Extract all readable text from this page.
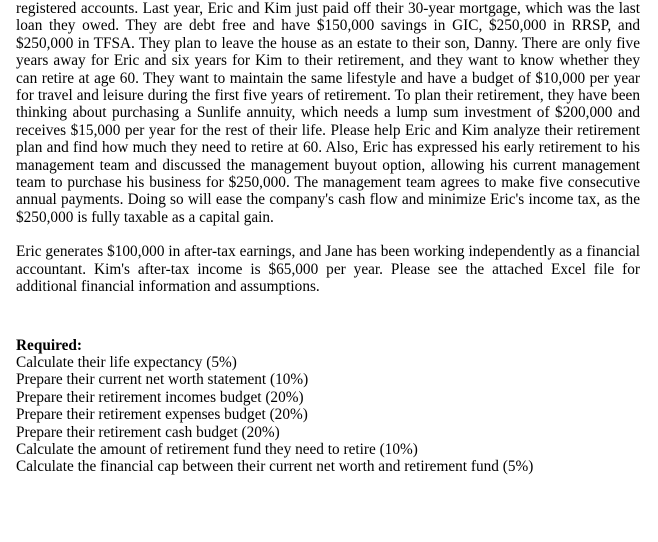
registered accounts. Last year, Eric and Kim just paid off their 30-year mortgage, which was the last loan they owed. They are debt free and have $150,000 savings in GIC, $250,000 in RRSP, and $250,000 in TFSA. They plan to leave the house as an estate to their son, Danny. There are only five years away for Eric and six years for Kim to their retirement, and they want to know whether they can retire at age 60. They want to maintain the same lifestyle and have a budget of $10,000 per year for travel and leisure during the first five years of retirement. To plan their retirement, they have been thinking about purchasing a Sunlife annuity, which needs a lump sum investment of $200,000 and receives $15,000 per year for the rest of their life. Please help Eric and Kim analyze their retirement plan and find how much they need to retire at 60. Also, Eric has expressed his early retirement to his management team and discussed the management buyout option, allowing his current management team to purchase his business for $250,000. The management team agrees to make five consecutive annual payments. Doing so will ease the company's cash flow and minimize Eric's income tax, as the $250,000 is fully taxable as a capital gain.

Eric generates $100,000 in after-tax earnings, and Jane has been working independently as a financial accountant. Kim's after-tax income is $65,000 per year. Please see the attached Excel file for additional financial information and assumptions.

Required:

Calculate their life expectancy (5%)
Prepare their current net worth statement (10%)
Prepare their retirement incomes budget (20%)
Prepare their retirement expenses budget (20%)
Prepare their retirement cash budget (20%)
Calculate the amount of retirement fund they need to retire (10%)
Calculate the financial cap between their current net worth and retirement fund (5%)
